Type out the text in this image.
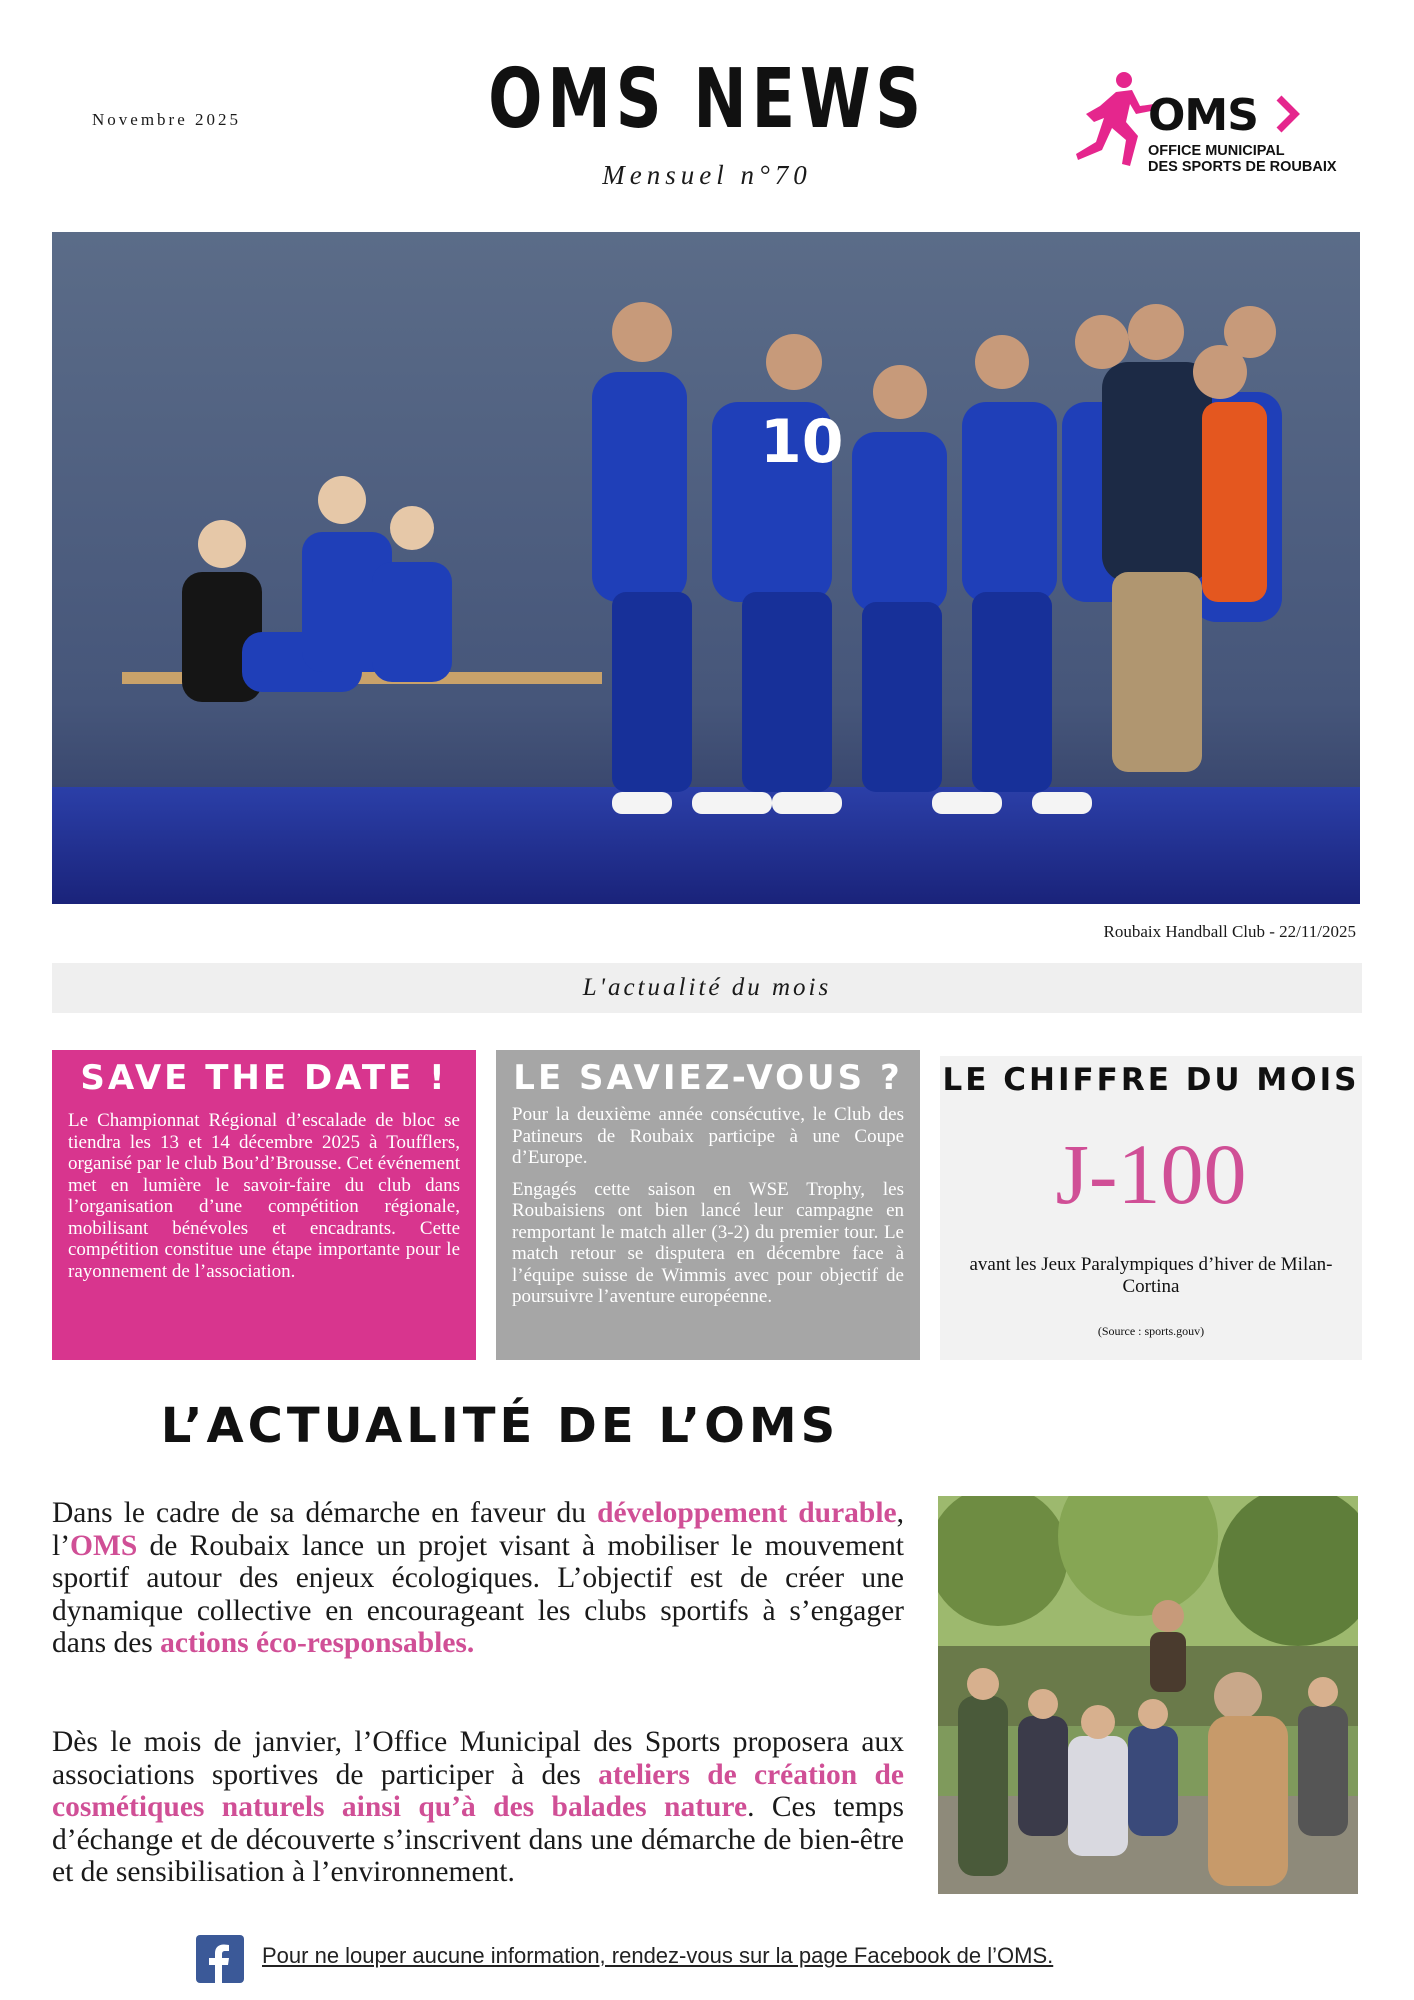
Novembre 2025	OMS NEWS
Mensuel n°70
OMS
OFFICE MUNICIPAL
DES SPORTS DE ROUBAIX
10
Roubaix Handball Club - 22/11/2025
L'actualité du mois
SAVE THE DATE !
Le Championnat Régional d’escalade de bloc se tiendra les 13 et 14 décembre 2025 à Toufflers, organisé par le club Bou’d’Brousse. Cet événement met en lumière le savoir-faire du club dans l’organisation d’une compétition régionale, mobilisant bénévoles et encadrants. Cette compétition constitue une étape importante pour le rayonnement de l’association.
LE SAVIEZ-VOUS ?
Pour la deuxième année consécutive, le Club des Patineurs de Roubaix participe à une Coupe d’Europe.
Engagés cette saison en WSE Trophy, les Roubaisiens ont bien lancé leur campagne en remportant le match aller (3-2) du premier tour. Le match retour se disputera en décembre face à l’équipe suisse de Wimmis avec pour objectif de poursuivre l’aventure européenne.
LE CHIFFRE DU MOIS
J-100
avant les Jeux Paralympiques d’hiver de Milan-Cortina
(Source : sports.gouv)
L’ACTUALITÉ DE L’OMS
Dans le cadre de sa démarche en faveur du développement durable, l’OMS de Roubaix lance un projet visant à mobiliser le mouvement sportif autour des enjeux écologiques. L’objectif est de créer une dynamique collective en encourageant les clubs sportifs à s’engager dans des actions éco-responsables.
Dès le mois de janvier, l’Office Municipal des Sports proposera aux associations sportives de participer à des ateliers de création de cosmétiques naturels ainsi qu’à des balades nature. Ces temps d’échange et de découverte s’inscrivent dans une démarche de bien-être et de sensibilisation à l’environnement.
Pour ne louper aucune information, rendez-vous sur la page Facebook de l’OMS.
